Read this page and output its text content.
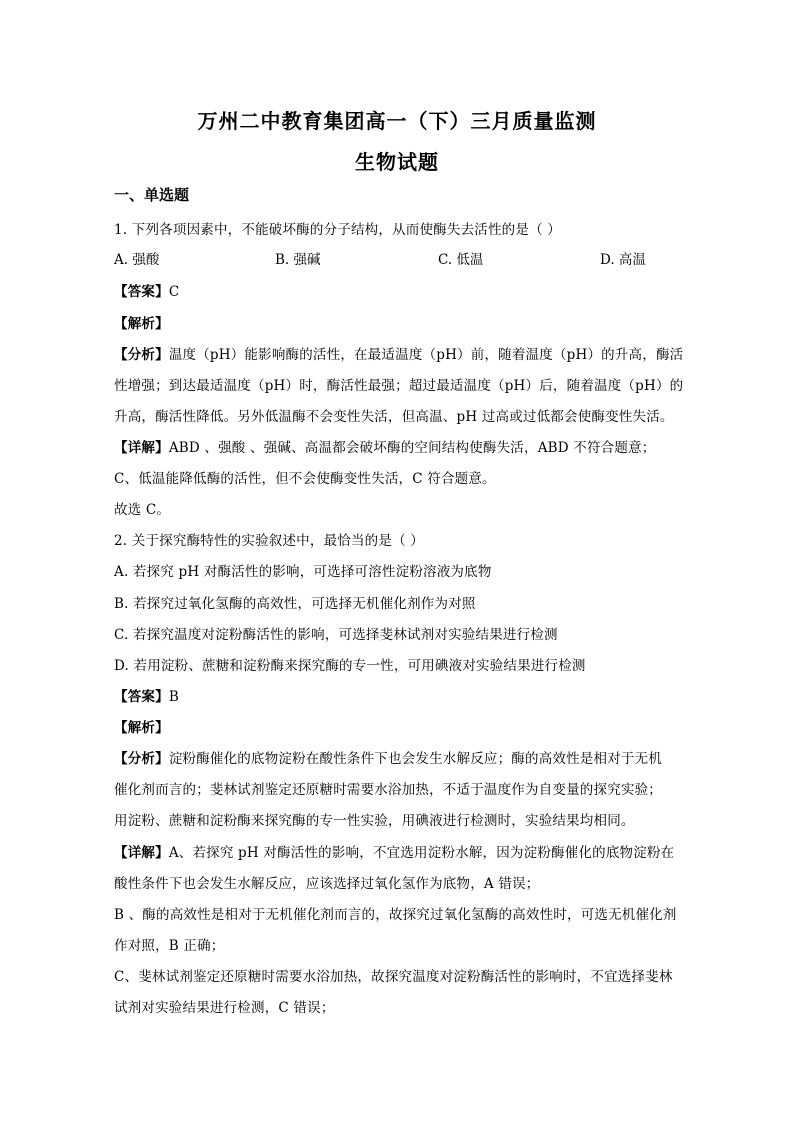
万州二中教育集团高一（下）三月质量监测
生物试题
一、单选题
1. 下列各项因素中，不能破坏酶的分子结构，从而使酶失去活性的是（ ）
A. 强酸	B. 强碱	C. 低温	D. 高温
【答案】C
【解析】
【分析】温度（pH）能影响酶的活性，在最适温度（pH）前，随着温度（pH）的升高，酶活
性增强；到达最适温度（pH）时，酶活性最强；超过最适温度（pH）后，随着温度（pH）的
升高，酶活性降低。另外低温酶不会变性失活，但高温、pH 过高或过低都会使酶变性失活。
【详解】ABD 、强酸 、强碱、高温都会破坏酶的空间结构使酶失活，ABD 不符合题意；
C、低温能降低酶的活性，但不会使酶变性失活，C 符合题意。
故选 C。
2. 关于探究酶特性的实验叙述中，最恰当的是（ ）
A. 若探究 pH 对酶活性的影响，可选择可溶性淀粉溶液为底物
B. 若探究过氧化氢酶的高效性，可选择无机催化剂作为对照
C. 若探究温度对淀粉酶活性的影响，可选择斐林试剂对实验结果进行检测
D. 若用淀粉、蔗糖和淀粉酶来探究酶的专一性，可用碘液对实验结果进行检测
【答案】B
【解析】
【分析】淀粉酶催化的底物淀粉在酸性条件下也会发生水解反应；酶的高效性是相对于无机
催化剂而言的；斐林试剂鉴定还原糖时需要水浴加热，不适于温度作为自变量的探究实验；
用淀粉、蔗糖和淀粉酶来探究酶的专一性实验，用碘液进行检测时，实验结果均相同。
【详解】A、若探究 pH 对酶活性的影响，不宜选用淀粉水解，因为淀粉酶催化的底物淀粉在
酸性条件下也会发生水解反应，应该选择过氧化氢作为底物，A 错误；
B 、酶的高效性是相对于无机催化剂而言的，故探究过氧化氢酶的高效性时，可选无机催化剂
作对照，B 正确；
C、斐林试剂鉴定还原糖时需要水浴加热，故探究温度对淀粉酶活性的影响时，不宜选择斐林
试剂对实验结果进行检测，C 错误；
